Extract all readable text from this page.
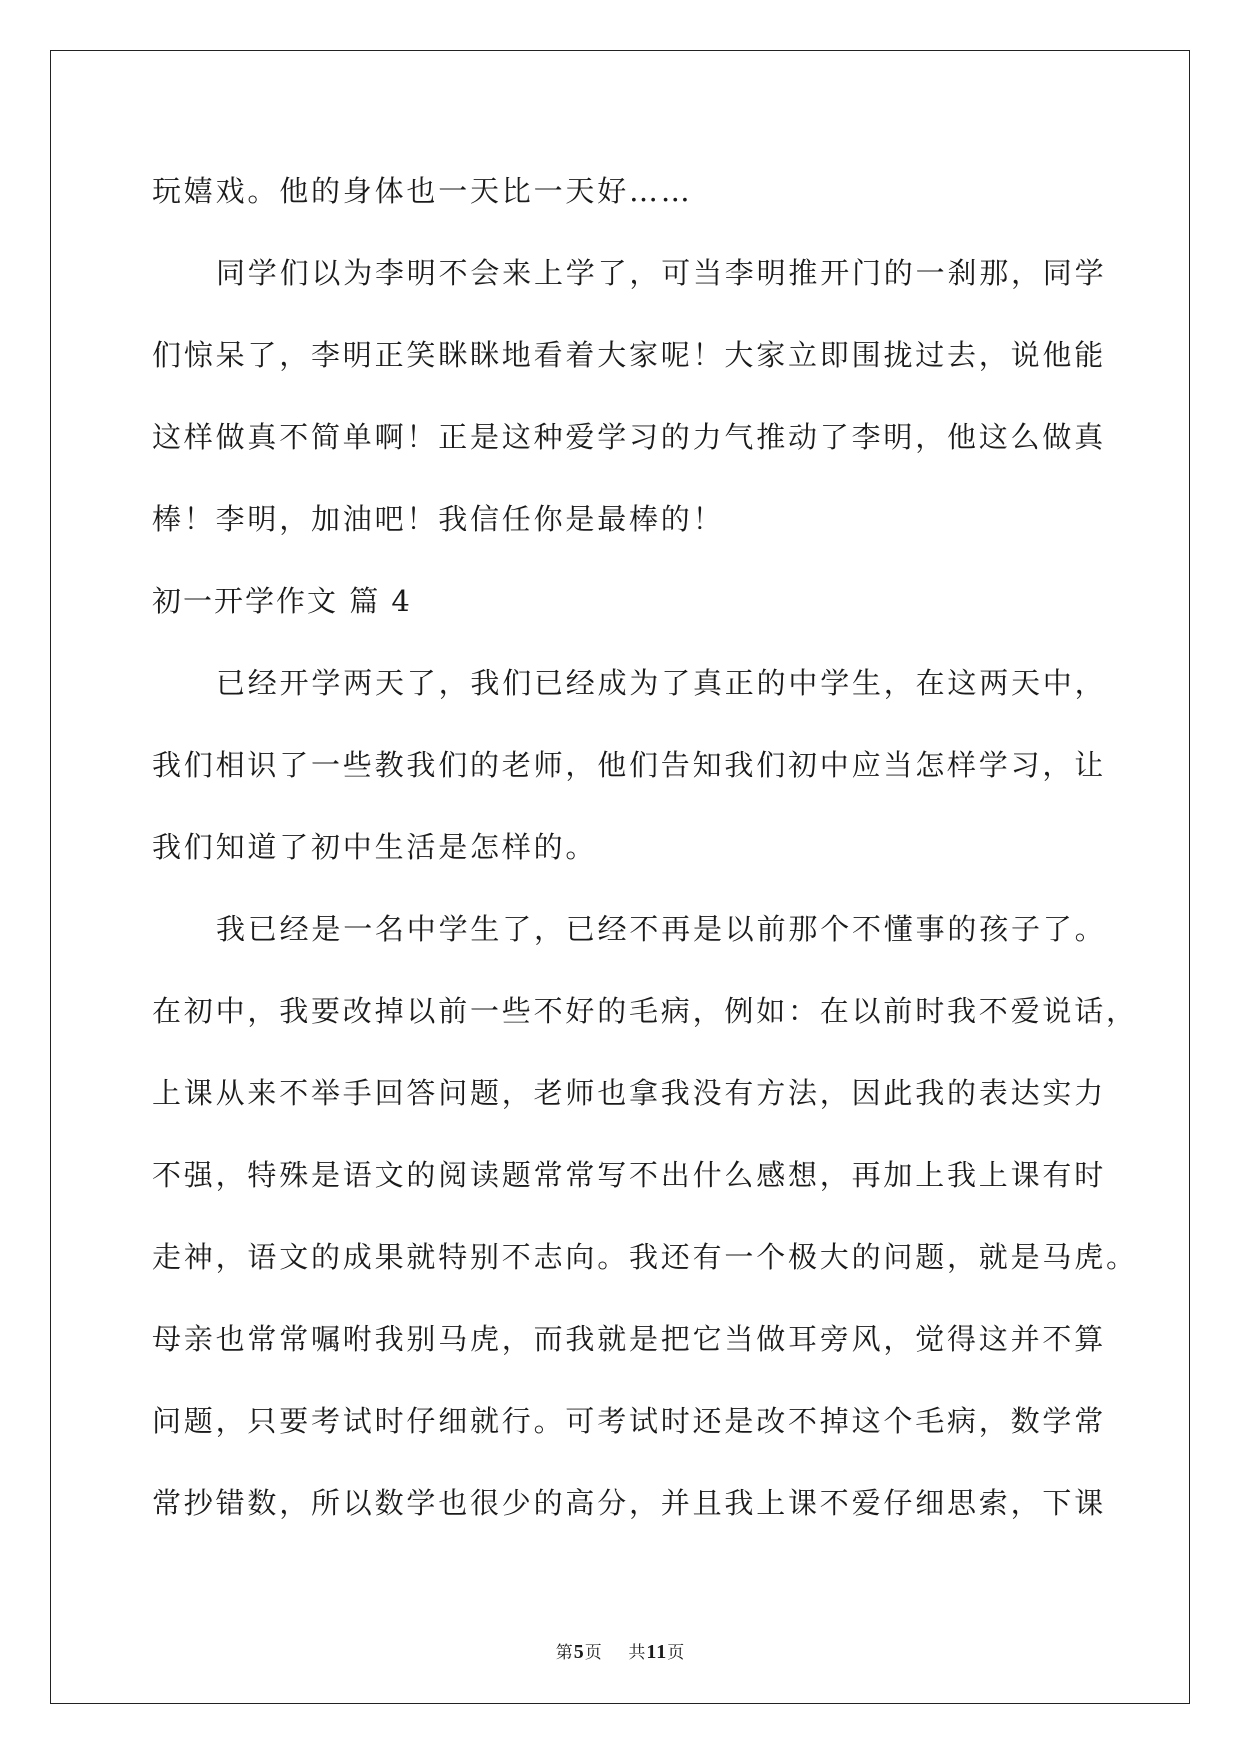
玩嬉戏。他的身体也一天比一天好……
同学们以为李明不会来上学了，可当李明推开门的一刹那，同学
们惊呆了，李明正笑眯眯地看着大家呢！大家立即围拢过去，说他能
这样做真不简单啊！正是这种爱学习的力气推动了李明，他这么做真
棒！李明，加油吧！我信任你是最棒的！
初一开学作文 篇 4
已经开学两天了，我们已经成为了真正的中学生，在这两天中，
我们相识了一些教我们的老师，他们告知我们初中应当怎样学习，让
我们知道了初中生活是怎样的。
我已经是一名中学生了，已经不再是以前那个不懂事的孩子了。
在初中，我要改掉以前一些不好的毛病，例如：在以前时我不爱说话，
上课从来不举手回答问题，老师也拿我没有方法，因此我的表达实力
不强，特殊是语文的阅读题常常写不出什么感想，再加上我上课有时
走神，语文的成果就特别不志向。我还有一个极大的问题，就是马虎。
母亲也常常嘱咐我别马虎，而我就是把它当做耳旁风，觉得这并不算
问题，只要考试时仔细就行。可考试时还是改不掉这个毛病，数学常
常抄错数，所以数学也很少的高分，并且我上课不爱仔细思索，下课
第5页 共11页
